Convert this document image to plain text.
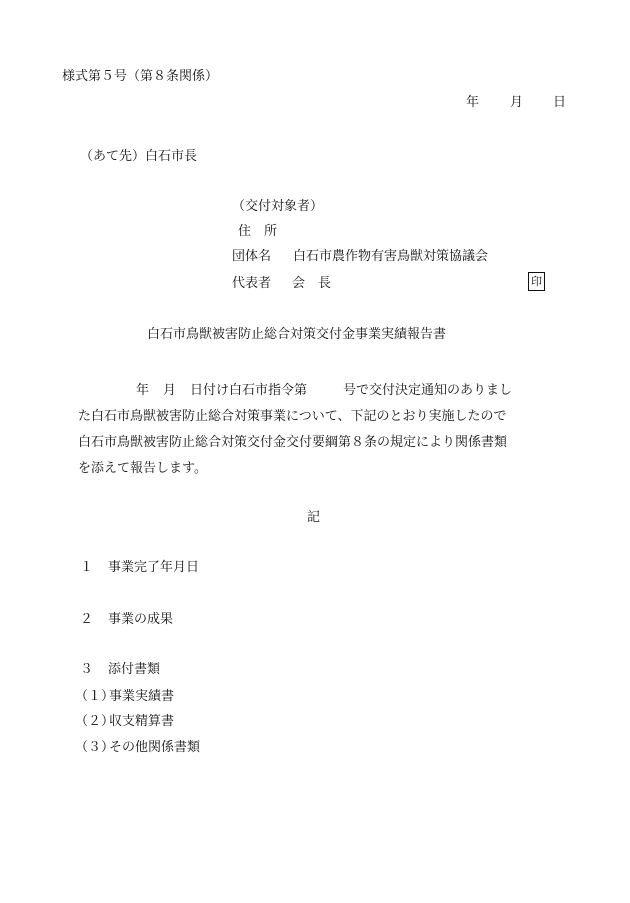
様式第５号（第８条関係）
年 月 日
（あて先）白石市長
（交付対象者）
住　所
団体名 白石市農作物有害鳥獣対策協議会
代表者 会　長	印
白石市鳥獣被害防止総合対策交付金事業実績報告書
年 月 日付け白石市指令第	号で交付決定通知のありまし
た白石市鳥獣被害防止総合対策事業について、下記のとおり実施したので
白石市鳥獣被害防止総合対策交付金交付要綱第８条の規定により関係書類
を添えて報告します。
記
１ 事業完了年月日
２ 事業の成果
３ 添付書類
（１）
事業実績書
（２）
収支精算書
（３）
その他関係書類
